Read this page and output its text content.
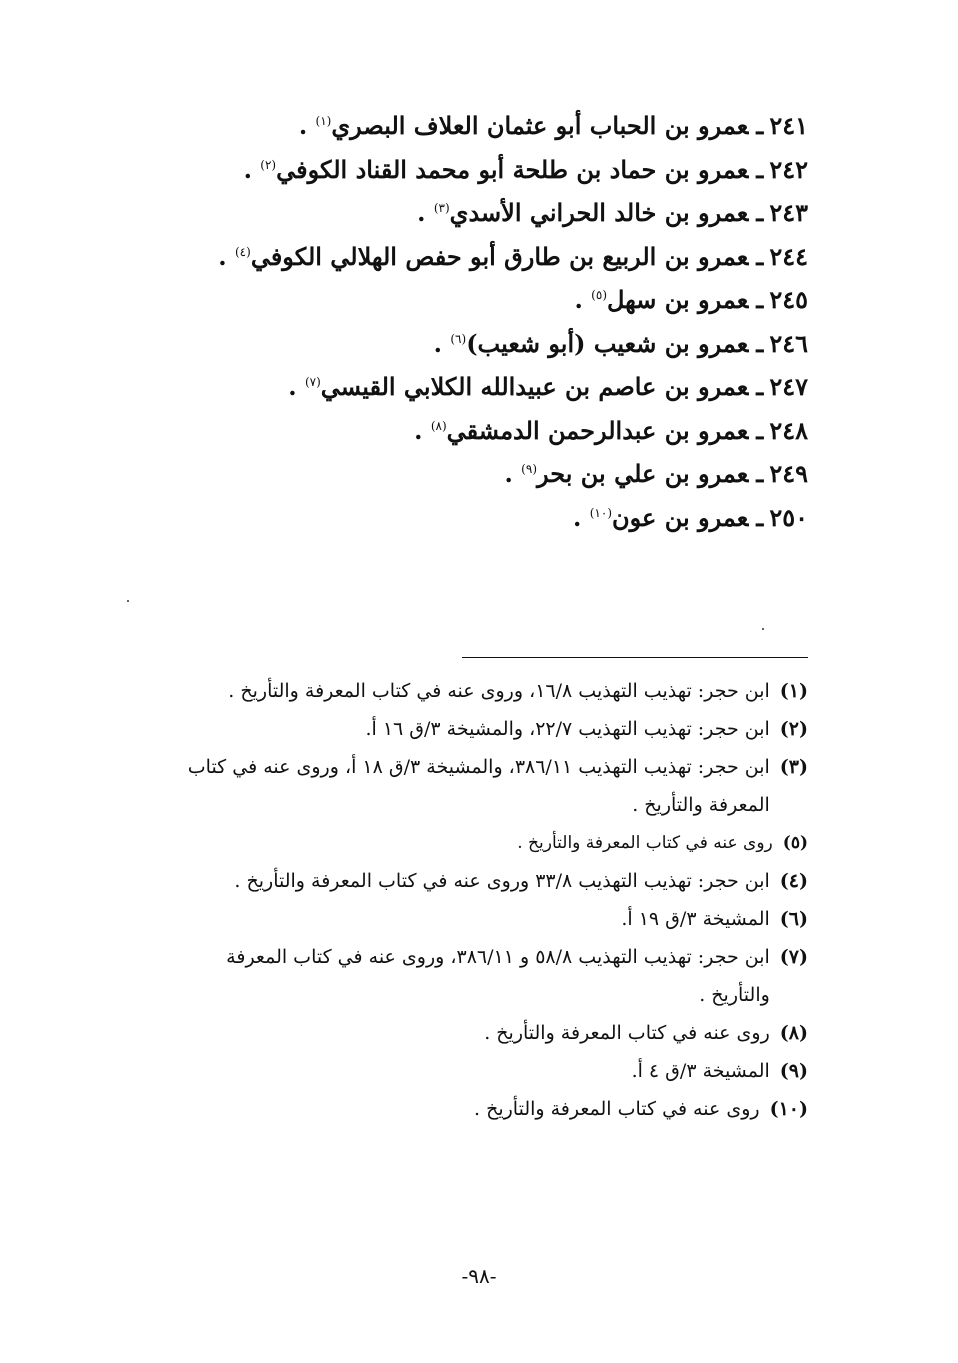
٢٤١ـعمرو بن الحباب أبو عثمان العلاف البصري$^{(١)}$ .
٢٤٢ـعمرو بن حماد بن طلحة أبو محمد القناد الكوفي$^{(٢)}$ .
٢٤٣ـعمرو بن خالد الحراني الأسدي$^{(٣)}$ .
٢٤٤ـعمرو بن الربيع بن طارق أبو حفص الهلالي الكوفي$^{(٤)}$ .
٢٤٥ـعمرو بن سهل$^{(٥)}$ .
٢٤٦ـعمرو بن شعيب (أبو شعيب)$^{(٦)}$ .
٢٤٧ـعمرو بن عاصم بن عبيدالله الكلابي القيسي$^{(٧)}$ .
٢٤٨ـعمرو بن عبدالرحمن الدمشقي$^{(٨)}$ .
٢٤٩ـعمرو بن علي بن بحر$^{(٩)}$ .
٢٥٠ـعمرو بن عون$^{(١٠)}$ .
(١)
ابن حجر: تهذيب التهذيب ١٦/٨، وروى عنه في كتاب المعرفة والتأريخ .
(٢)
ابن حجر: تهذيب التهذيب ٢٢/٧، والمشيخة ٣/ق ١٦ أ.
(٣)
ابن حجر: تهذيب التهذيب ٣٨٦/١١، والمشيخة ٣/ق ١٨ أ، وروى عنه في كتاب المعرفة والتأريخ .
(٥)
روى عنه في كتاب المعرفة والتأريخ .
(٤)
ابن حجر: تهذيب التهذيب ٣٣/٨ وروى عنه في كتاب المعرفة والتأريخ .
(٦)
المشيخة ٣/ق ١٩ أ.
(٧)
ابن حجر: تهذيب التهذيب ٥٨/٨ و ٣٨٦/١١، وروى عنه في كتاب المعرفة والتأريخ .
(٨)
روى عنه في كتاب المعرفة والتأريخ .
(٩)
المشيخة ٣/ق ٤ أ.
(١٠)
روى عنه في كتاب المعرفة والتأريخ .
-٩٨-
